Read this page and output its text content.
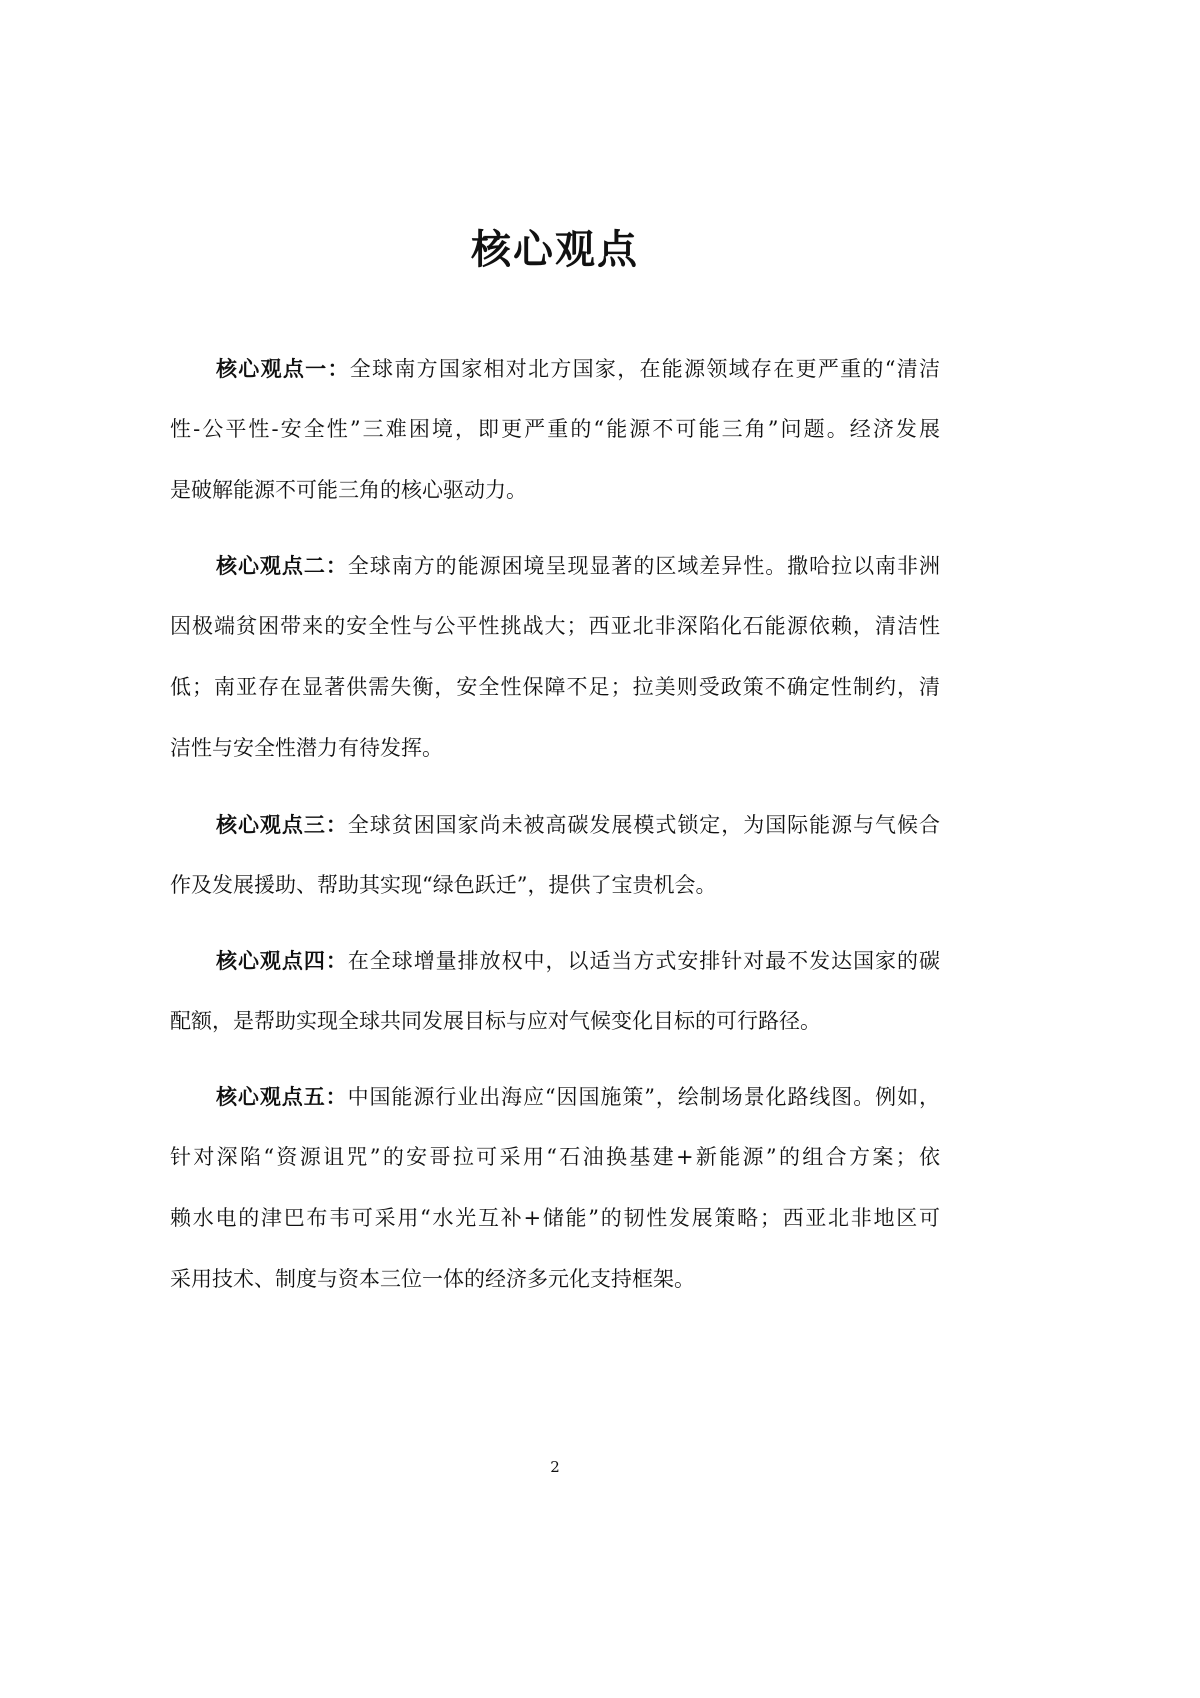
核心观点
核心观点一：全球南方国家相对北方国家，在能源领域存在更严重的“清洁
性-公平性-安全性”三难困境，即更严重的“能源不可能三角”问题。经济发展
是破解能源不可能三角的核心驱动力。
核心观点二：全球南方的能源困境呈现显著的区域差异性。撒哈拉以南非洲
因极端贫困带来的安全性与公平性挑战大；西亚北非深陷化石能源依赖，清洁性
低；南亚存在显著供需失衡，安全性保障不足；拉美则受政策不确定性制约，清
洁性与安全性潜力有待发挥。
核心观点三：全球贫困国家尚未被高碳发展模式锁定，为国际能源与气候合
作及发展援助、帮助其实现“绿色跃迁”，提供了宝贵机会。
核心观点四：在全球增量排放权中，以适当方式安排针对最不发达国家的碳
配额，是帮助实现全球共同发展目标与应对气候变化目标的可行路径。
核心观点五：中国能源行业出海应“因国施策”，绘制场景化路线图。例如，
针对深陷“资源诅咒”的安哥拉可采用“石油换基建+新能源”的组合方案；依
赖水电的津巴布韦可采用“水光互补+储能”的韧性发展策略；西亚北非地区可
采用技术、制度与资本三位一体的经济多元化支持框架。
2
